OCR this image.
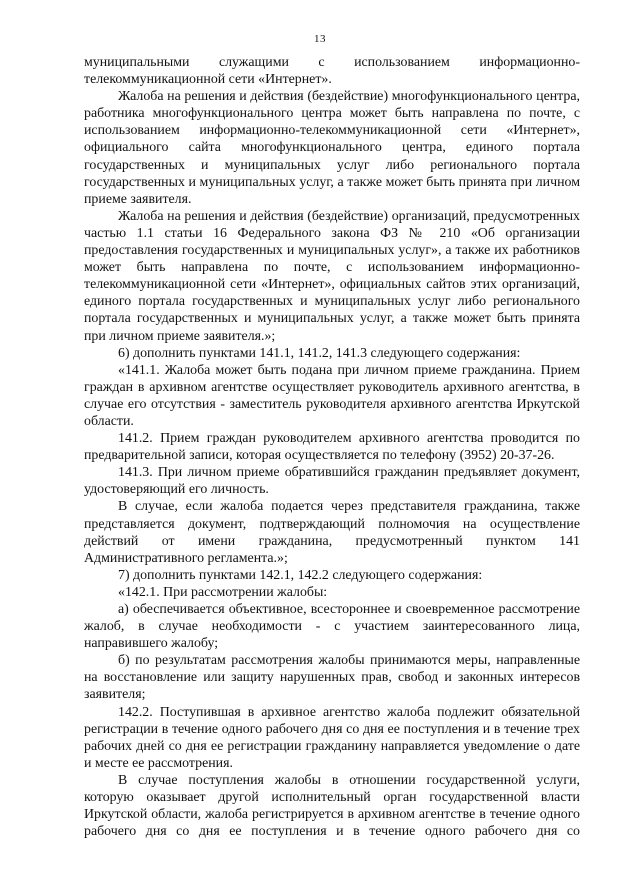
13

муниципальными служащими с использованием информационно-телекоммуникационной сети «Интернет».

Жалоба на решения и действия (бездействие) многофункционального центра, работника многофункционального центра может быть направлена по почте, с использованием информационно-телекоммуникационной сети «Интернет», официального сайта многофункционального центра, единого портала государственных и муниципальных услуг либо регионального портала государственных и муниципальных услуг, а также может быть принята при личном приеме заявителя.

Жалоба на решения и действия (бездействие) организаций, предусмотренных частью 1.1 статьи 16 Федерального закона ФЗ № 210 «Об организации предоставления государственных и муниципальных услуг», а также их работников может быть направлена по почте, с использованием информационно-телекоммуникационной сети «Интернет», официальных сайтов этих организаций, единого портала государственных и муниципальных услуг либо регионального портала государственных и муниципальных услуг, а также может быть принята при личном приеме заявителя.»;

6) дополнить пунктами 141.1, 141.2, 141.3 следующего содержания:

«141.1. Жалоба может быть подана при личном приеме гражданина. Прием граждан в архивном агентстве осуществляет руководитель архивного агентства, в случае его отсутствия - заместитель руководителя архивного агентства Иркутской области.

141.2. Прием граждан руководителем архивного агентства проводится по предварительной записи, которая осуществляется по телефону (3952) 20-37-26.

141.3. При личном приеме обратившийся гражданин предъявляет документ, удостоверяющий его личность.

В случае, если жалоба подается через представителя гражданина, также представляется документ, подтверждающий полномочия на осуществление действий от имени гражданина, предусмотренный пунктом 141 Административного регламента.»;

7) дополнить пунктами 142.1, 142.2 следующего содержания:

«142.1. При рассмотрении жалобы:

а) обеспечивается объективное, всестороннее и своевременное рассмотрение жалоб, в случае необходимости - с участием заинтересованного лица, направившего жалобу;

б) по результатам рассмотрения жалобы принимаются меры, направленные на восстановление или защиту нарушенных прав, свобод и законных интересов заявителя;

142.2. Поступившая в архивное агентство жалоба подлежит обязательной регистрации в течение одного рабочего дня со дня ее поступления и в течение трех рабочих дней со дня ее регистрации гражданину направляется уведомление о дате и месте ее рассмотрения.

В случае поступления жалобы в отношении государственной услуги, которую оказывает другой исполнительный орган государственной власти Иркутской области, жалоба регистрируется в архивном агентстве в течение одного рабочего дня со дня ее поступления и в течение одного рабочего дня со
